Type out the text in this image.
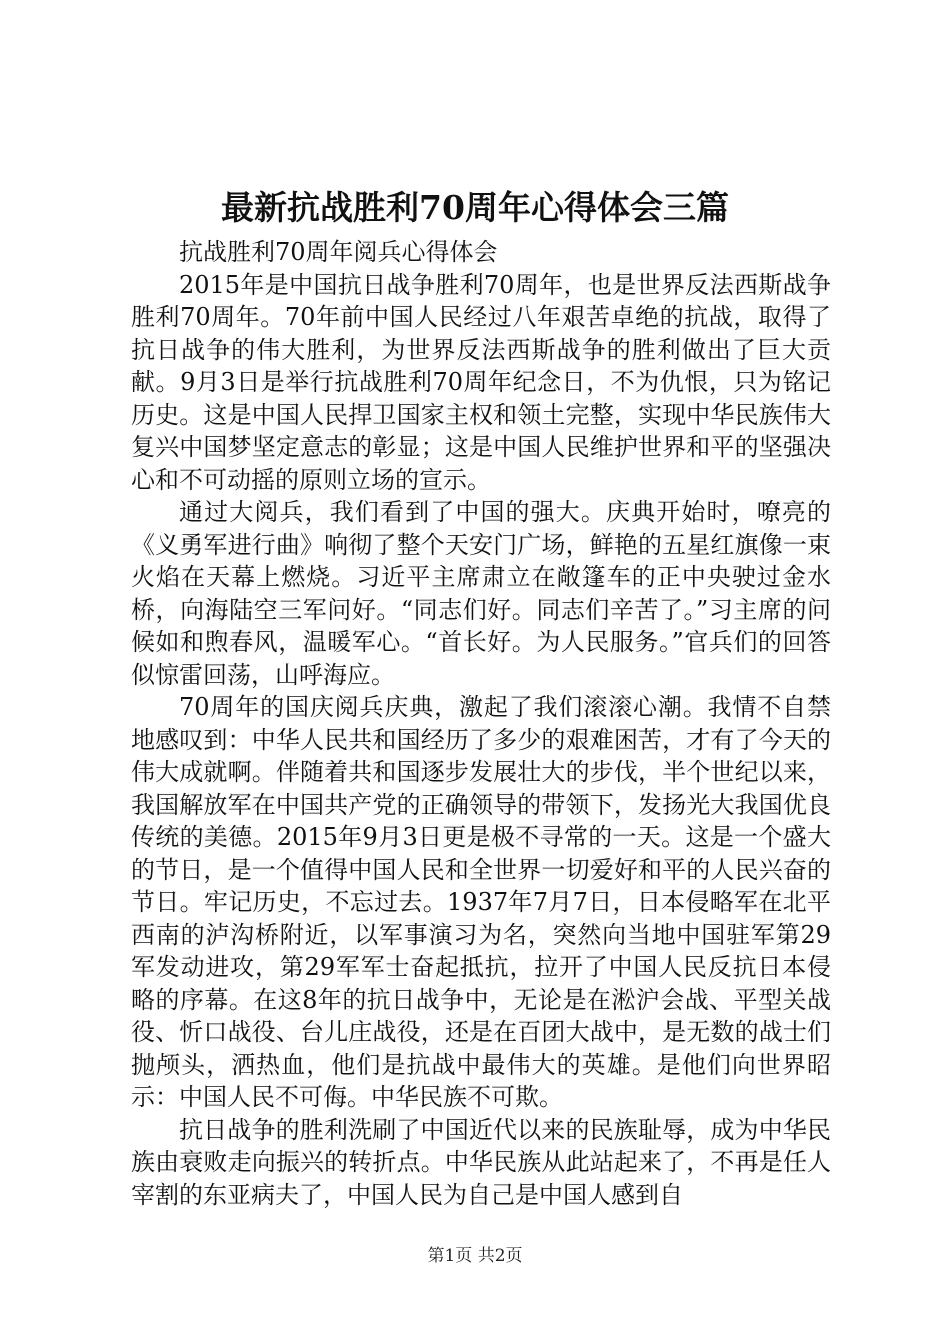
最新抗战胜利70周年心得体会三篇

抗战胜利70周年阅兵心得体会

2015年是中国抗日战争胜利70周年，也是世界反法西斯战争胜利70周年。70年前中国人民经过八年艰苦卓绝的抗战，取得了抗日战争的伟大胜利，为世界反法西斯战争的胜利做出了巨大贡献。9月3日是举行抗战胜利70周年纪念日，不为仇恨，只为铭记历史。这是中国人民捍卫国家主权和领土完整，实现中华民族伟大复兴中国梦坚定意志的彰显；这是中国人民维护世界和平的坚强决心和不可动摇的原则立场的宣示。

通过大阅兵，我们看到了中国的强大。庆典开始时，嘹亮的《义勇军进行曲》响彻了整个天安门广场，鲜艳的五星红旗像一束火焰在天幕上燃烧。习近平主席肃立在敞篷车的正中央驶过金水桥，向海陆空三军问好。“同志们好。同志们辛苦了。”习主席的问候如和煦春风，温暖军心。“首长好。为人民服务。”官兵们的回答似惊雷回荡，山呼海应。

70周年的国庆阅兵庆典，激起了我们滚滚心潮。我情不自禁地感叹到：中华人民共和国经历了多少的艰难困苦，才有了今天的伟大成就啊。伴随着共和国逐步发展壮大的步伐，半个世纪以来，我国解放军在中国共产党的正确领导的带领下，发扬光大我国优良传统的美德。2015年9月3日更是极不寻常的一天。这是一个盛大的节日，是一个值得中国人民和全世界一切爱好和平的人民兴奋的节日。牢记历史，不忘过去。1937年7月7日，日本侵略军在北平西南的泸沟桥附近，以军事演习为名，突然向当地中国驻军第29军发动进攻，第29军军士奋起抵抗，拉开了中国人民反抗日本侵略的序幕。在这8年的抗日战争中，无论是在淞沪会战、平型关战役、忻口战役、台儿庄战役，还是在百团大战中，是无数的战士们抛颅头，洒热血，他们是抗战中最伟大的英雄。是他们向世界昭示：中国人民不可侮。中华民族不可欺。

抗日战争的胜利洗刷了中国近代以来的民族耻辱，成为中华民族由衰败走向振兴的转折点。中华民族从此站起来了，不再是任人宰割的东亚病夫了，中国人民为自己是中国人感到自

第1页 共2页
